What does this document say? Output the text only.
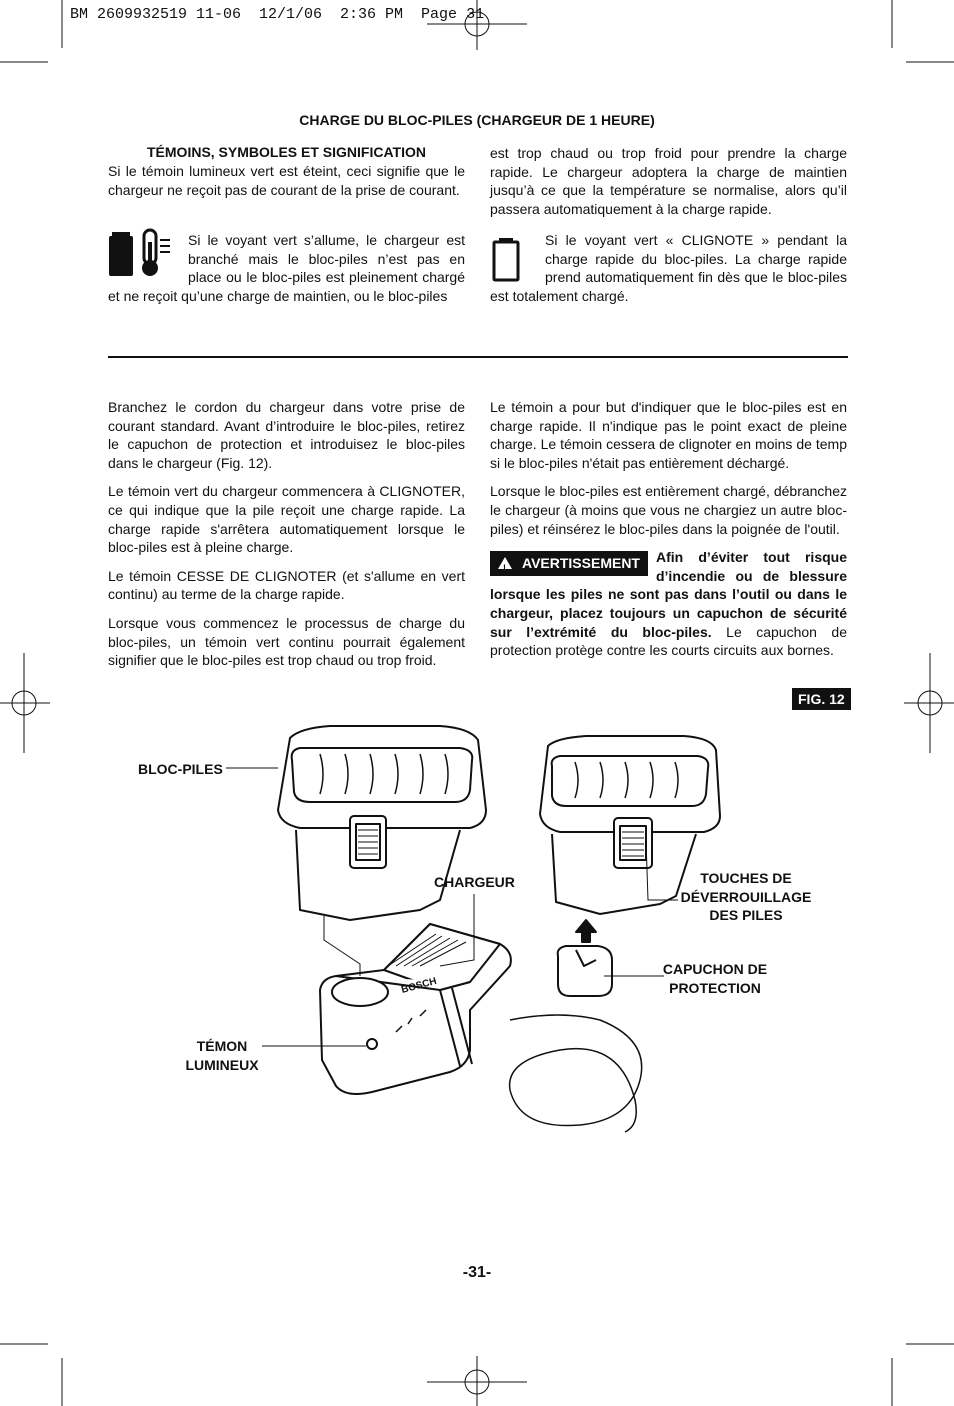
BM 2609932519 11-06  12/1/06  2:36 PM  Page 31
CHARGE DU BLOC-PILES (CHARGEUR DE 1 HEURE)
TÉMOINS, SYMBOLES ET SIGNIFICATION
Si le témoin lumineux vert est éteint, ceci signifie que le chargeur ne reçoit pas de courant de la prise de courant.
Si le voyant vert s’allume, le chargeur est branché mais le bloc-piles n’est pas en place ou le bloc-piles est pleinement chargé et ne reçoit qu’une charge de maintien, ou le bloc-piles
est trop chaud ou trop froid pour prendre la charge rapide. Le chargeur adoptera la charge de maintien jusqu’à ce que la température se normalise, alors qu’il passera automatiquement à la charge rapide.
Si le voyant vert « CLIGNOTE » pendant la charge rapide du bloc-piles. La charge rapide prend automatiquement fin dès que le bloc-piles est totalement chargé.

Branchez le cordon du chargeur dans votre prise de courant standard. Avant d’introduire le bloc-piles, retirez le capuchon de protection et introduisez le bloc-piles dans le chargeur (Fig. 12).

Le témoin vert du chargeur commencera à CLIGNOTER, ce qui indique que la pile reçoit une charge rapide. La charge rapide s'arrêtera automatiquement lorsque le bloc-piles est à pleine charge.

Le témoin CESSE DE CLIGNOTER (et s'allume en vert continu) au terme de la charge rapide.

Lorsque vous commencez le processus de charge du bloc-piles, un témoin vert continu pourrait également signifier que le bloc-piles est trop chaud ou trop froid.

Le témoin a pour but d'indiquer que le bloc-piles est en charge rapide. Il n'indique pas le point exact de pleine charge. Le témoin cessera de clignoter en moins de temp si le bloc-piles n'était pas entièrement déchargé.

Lorsque le bloc-piles est entièrement chargé, débranchez le chargeur (à moins que vous ne chargiez un autre bloc-piles) et réinsérez le bloc-piles dans la poignée de l'outil.

! AVERTISSEMENT Afin d’éviter tout risque d’incendie ou de blessure lorsque les piles ne sont pas dans l’outil ou dans le chargeur, placez toujours un capuchon de sécurité sur l’extrémité du bloc-piles. Le capuchon de protection protège contre les courts circuits aux bornes.
FIG. 12
BOSCH
BLOC-PILES
CHARGEUR	TOUCHES DE
DÉVERROUILLAGE
DES PILES
CAPUCHON DE
PROTECTION
TÉMON
LUMINEUX
-31-
